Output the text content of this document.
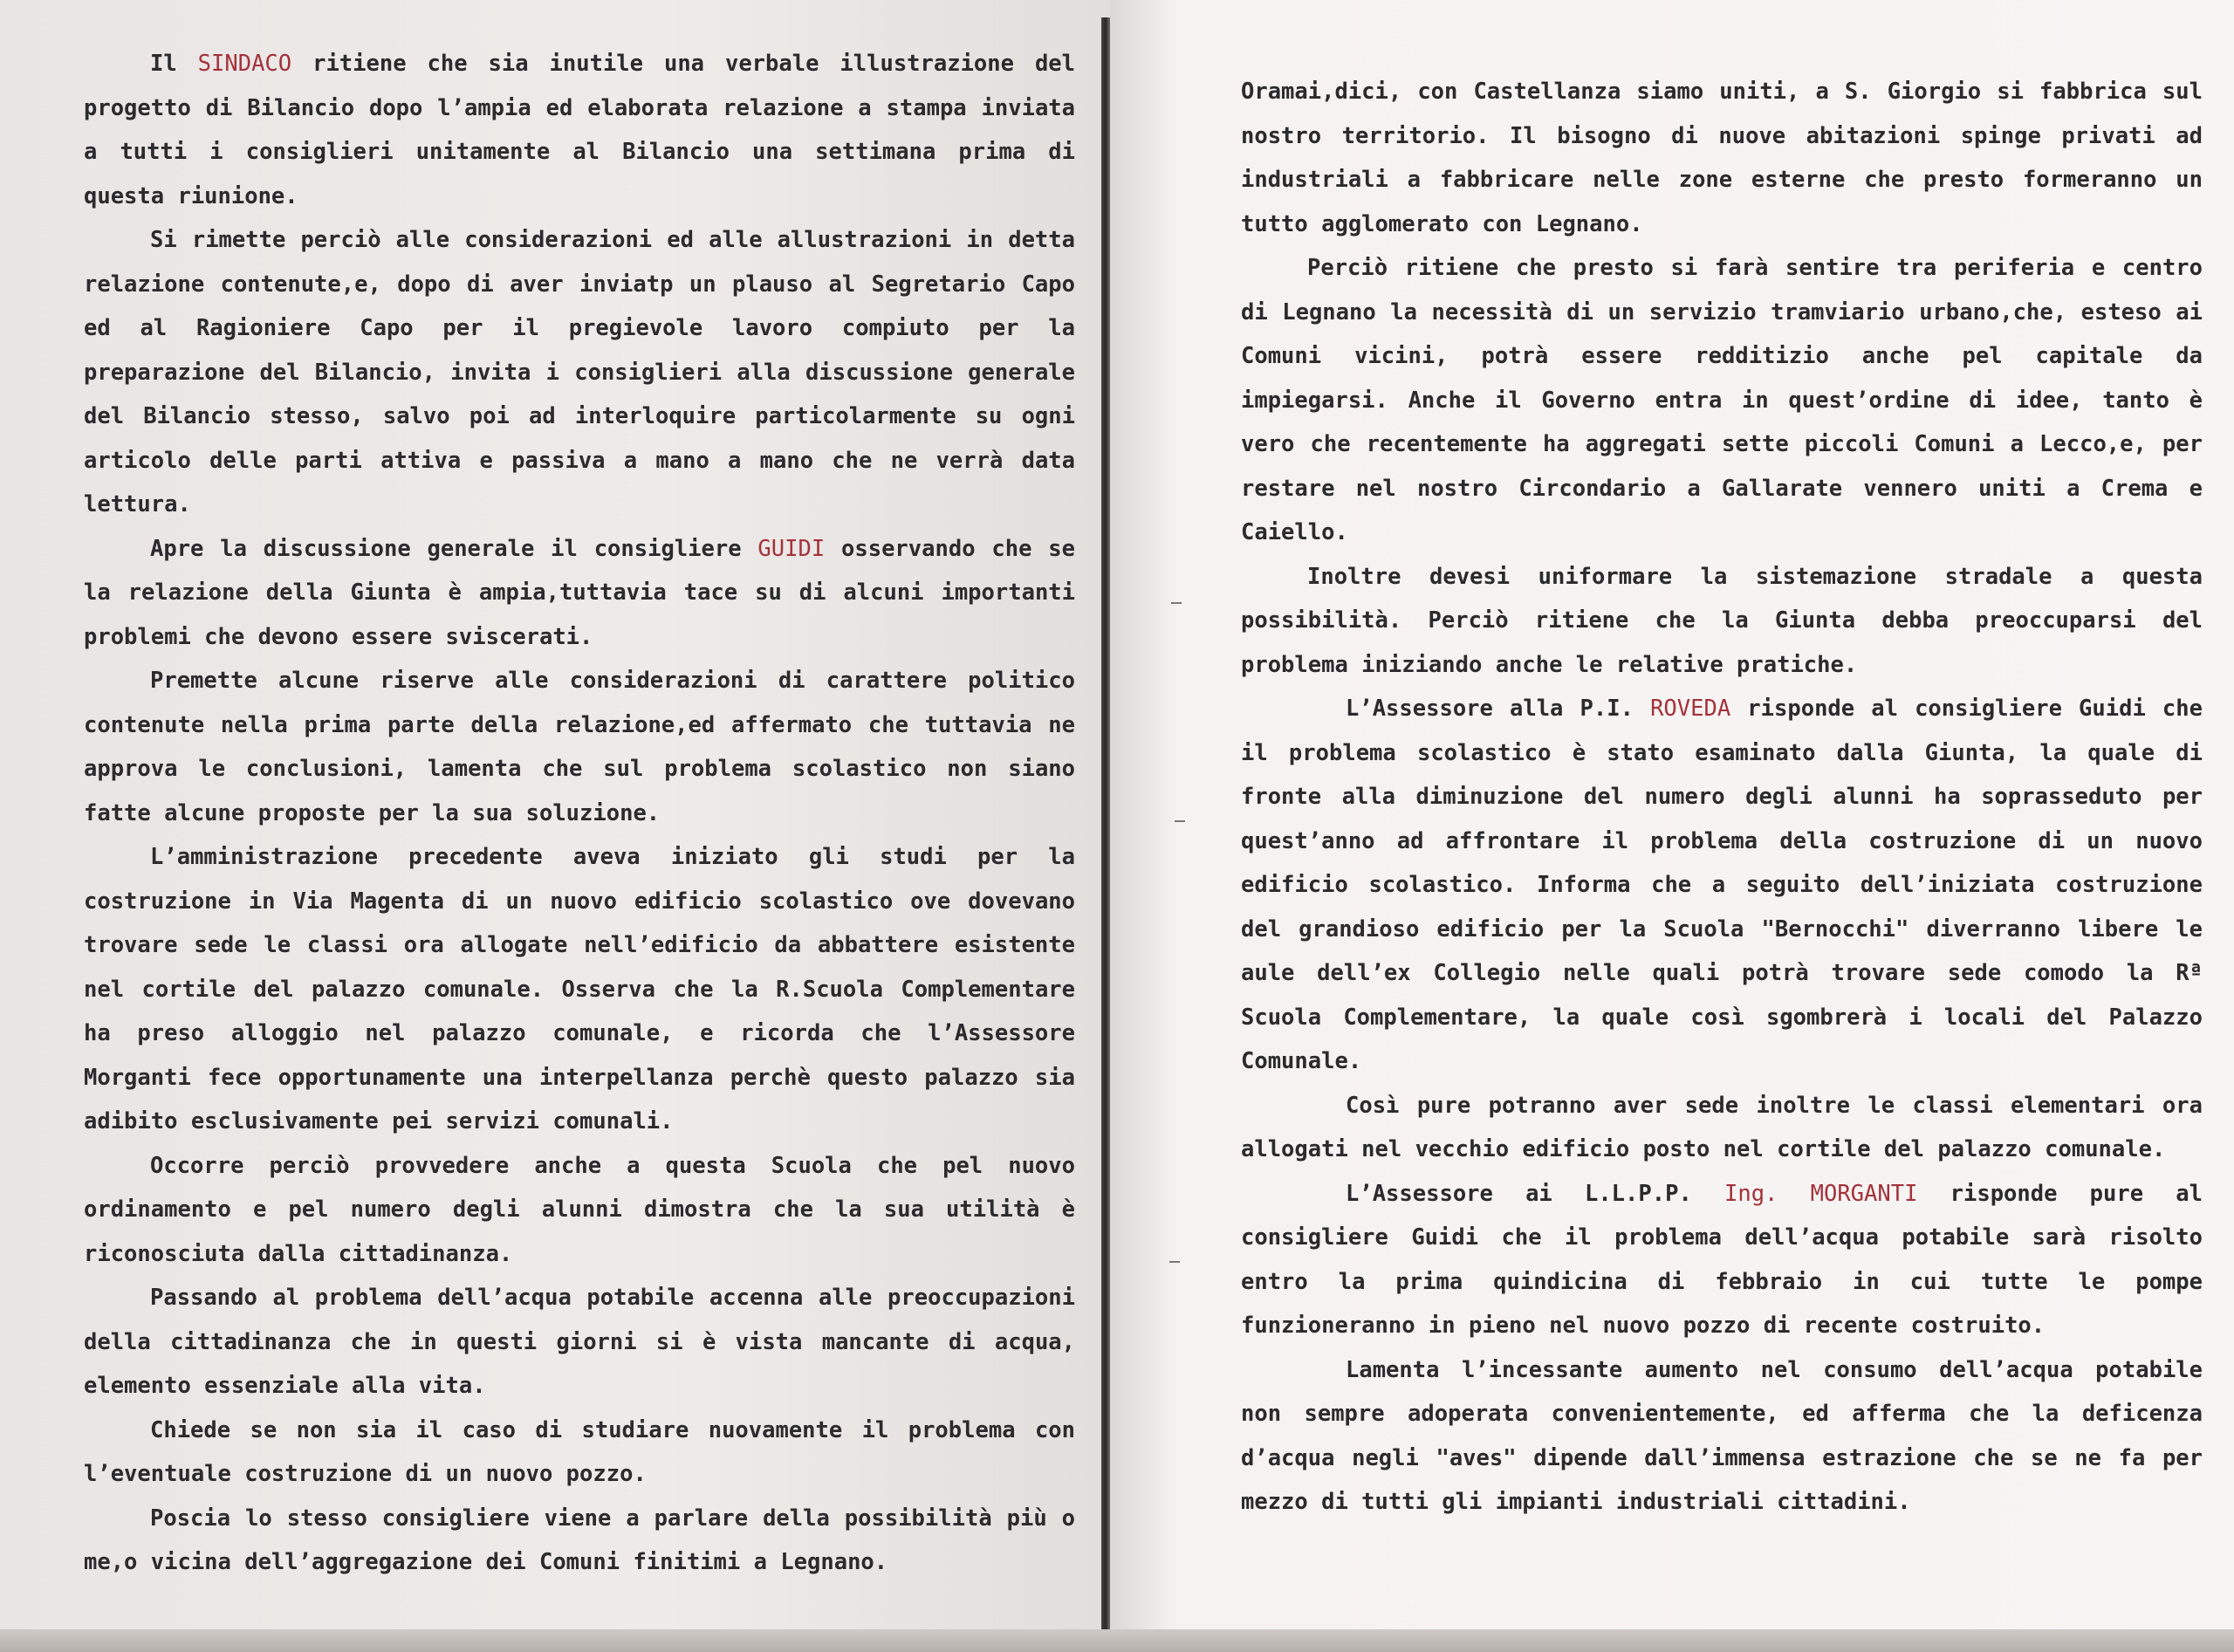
Il SINDACO ritiene che sia inutile una verbale illustrazione del progetto di Bilancio dopo l’ampia ed elaborata relazione a stampa inviata a tutti i consiglieri unitamente al Bilancio una settimana prima di questa riunione.

Si rimette perciò alle considerazioni ed alle allustrazioni in detta relazione contenute,e, dopo di aver inviatp un plauso al Segretario Capo ed al Ragioniere Capo per il pregievole lavoro compiuto per la preparazione del Bilancio, invita i consiglieri alla discussione generale del Bilancio stesso, salvo poi ad interloquire particolarmente su ogni articolo delle parti attiva e passiva a mano a mano che ne verrà data lettura.

Apre la discussione generale il consigliere GUIDI osservando che se la relazione della Giunta è ampia,tuttavia tace su di alcuni importanti problemi che devono essere sviscerati.

Premette alcune riserve alle considerazioni di carattere politico contenute nella prima parte della relazione,ed affermato che tuttavia ne approva le conclusioni, lamenta che sul problema scolastico non siano fatte alcune proposte per la sua soluzione.

L’amministrazione precedente aveva iniziato gli studi per la costruzione in Via Magenta di un nuovo edificio scolastico ove dovevano trovare sede le classi ora allogate nell’edificio da abbattere esistente nel cortile del palazzo comunale. Osserva che la R.Scuola Complementare ha preso alloggio nel palazzo comunale, e ricorda che l’Assessore Morganti fece opportunamente una interpellanza perchè questo palazzo sia adibito esclusivamente pei servizi comunali.

Occorre perciò provvedere anche a questa Scuola che pel nuovo ordinamento e pel numero degli alunni dimostra che la sua utilità è riconosciuta dalla cittadinanza.

Passando al problema dell’acqua potabile accenna alle preoccupazioni della cittadinanza che in questi giorni si è vista mancante di acqua, elemento essenziale alla vita.

Chiede se non sia il caso di studiare nuovamente il problema con l’eventuale costruzione di un nuovo pozzo.

Poscia lo stesso consigliere viene a parlare della possibilità più o me,o vicina dell’aggregazione dei Comuni finitimi a Legnano.

Oramai,dici, con Castellanza siamo uniti, a S. Giorgio si fabbrica sul nostro territorio. Il bisogno di nuove abitazioni spinge privati ad industriali a fabbricare nelle zone esterne che presto formeranno un tutto agglomerato con Legnano.

Perciò ritiene che presto si farà sentire tra periferia e centro di Legnano la necessità di un servizio tramviario urbano,che, esteso ai Comuni vicini, potrà essere redditizio anche pel capitale da impiegarsi. Anche il Governo entra in quest’ordine di idee, tanto è vero che recentemente ha aggregati sette piccoli Comuni a Lecco,e, per restare nel nostro Circondario a Gallarate vennero uniti a Crema e Caiello.

Inoltre devesi uniformare la sistemazione stradale a questa possibilità. Perciò ritiene che la Giunta debba preoccuparsi del problema iniziando anche le relative pratiche.

L’Assessore alla P.I. ROVEDA risponde al consigliere Guidi che il problema scolastico è stato esaminato dalla Giunta, la quale di fronte alla diminuzione del numero degli alunni ha soprasseduto per quest’anno ad affrontare il problema della costruzione di un nuovo edificio scolastico. Informa che a seguito dell’iniziata costruzione del grandioso edificio per la Scuola "Bernocchi" diverranno libere le aule dell’ex Collegio nelle quali potrà trovare sede comodo la Rª Scuola Complementare, la quale così sgombrerà i locali del Palazzo Comunale.

Così pure potranno aver sede inoltre le classi elementari ora allogati nel vecchio edificio posto nel cortile del palazzo comunale.

L’Assessore ai L.L.P.P. Ing. MORGANTI risponde pure al consigliere Guidi che il problema dell’acqua potabile sarà risolto entro la prima quindicina di febbraio in cui tutte le pompe funzioneranno in pieno nel nuovo pozzo di recente costruito.

Lamenta l’incessante aumento nel consumo dell’acqua potabile non sempre adoperata convenientemente, ed afferma che la deficenza d’acqua negli "aves" dipende dall’immensa estrazione che se ne fa per mezzo di tutti gli impianti industriali cittadini.
